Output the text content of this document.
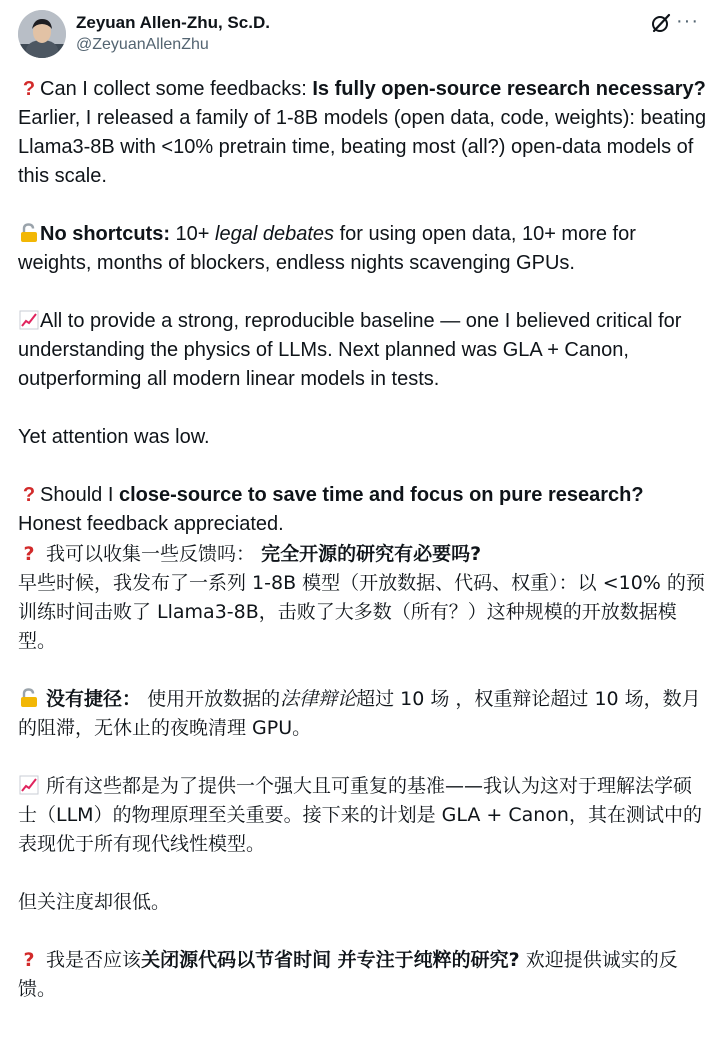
Zeyuan Allen-Zhu, Sc.D.
@ZeyuanAllenZhu
···

? Can I collect some feedbacks: Is fully open-source research necessary?

Earlier, I released a family of 1-8B models (open data, code, weights): beating Llama3-8B with <10% pretrain time, beating most (all?) open-data models of this scale.

No shortcuts: 10+ legal debates for using open data, 10+ more for weights, months of blockers, endless nights scavenging GPUs.

All to provide a strong, reproducible baseline — one I believed critical for understanding the physics of LLMs. Next planned was GLA + Canon, outperforming all modern linear models in tests.

Yet attention was low.

? Should I close-source to save time and focus on pure research?

Honest feedback appreciated.

? 我可以收集一些反馈吗： 完全开源的研究有必要吗?

早些时候，我发布了一系列 1-8B 模型（开放数据、代码、权重）：以 <10% 的预训练时间击败了 Llama3-8B，击败了大多数（所有？）这种规模的开放数据模型。

没有捷径： 使用开放数据的法律辩论超过 10 场 ，权重辩论超过 10 场，数月的阻滞，无休止的夜晚清理 GPU。

所有这些都是为了提供一个强大且可重复的基准——我认为这对于理解法学硕士（LLM）的物理原理至关重要。接下来的计划是 GLA + Canon，其在测试中的表现优于所有现代线性模型。

但关注度却很低。

? 我是否应该关闭源代码以节省时间 并专注于纯粹的研究? 欢迎提供诚实的反馈。
